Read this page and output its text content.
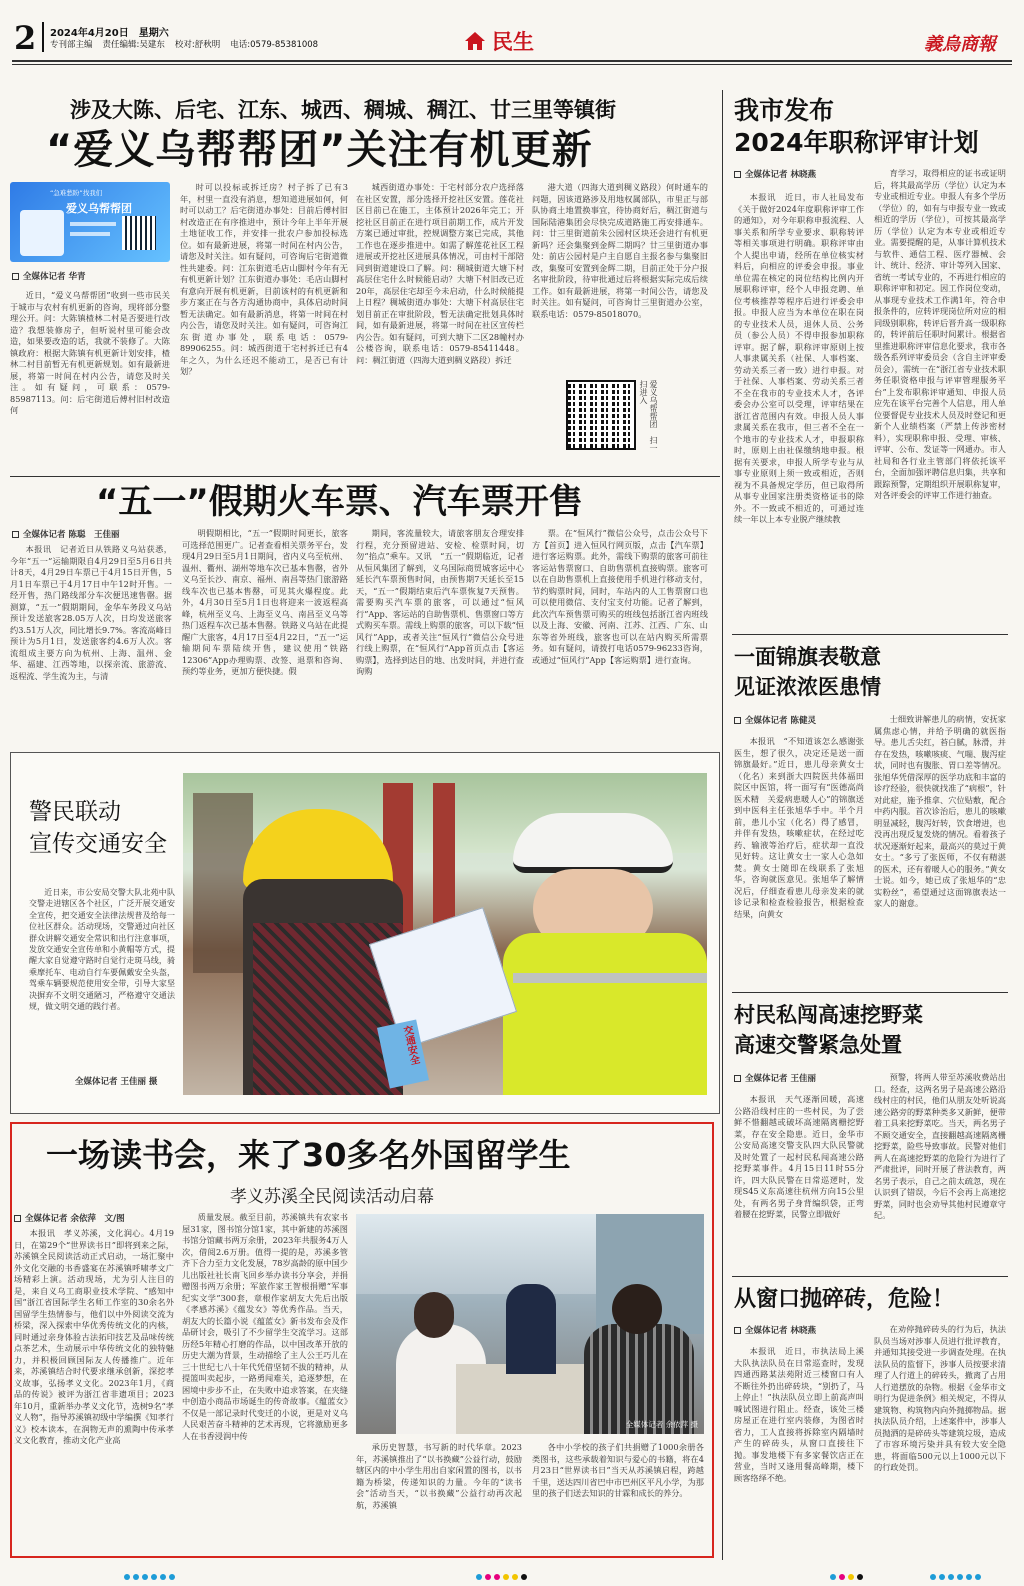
2 2024年4月20日　星期六
专刊部主编 责任编辑:吴建东 校对:舒秋明 电话:0579-85381008	民生	義烏商報
涉及大陈、后宅、江东、城西、稠城、稠江、廿三里等镇街
“爱义乌帮帮团”关注有机更新
“急难愁盼”找我们
爱义乌帮帮团
全媒体记者 华青
近日，“爱义乌帮帮团”收到一些市民关于城市与农村有机更新的咨询，现将部分整理公开。问：大陈镇楂林二村是否要进行改造？我想装修房子，但听说村里可能会改造，如果要改造的话，我就不装修了。大陈镇政府：根据大陈镇有机更新计划安排，楂林二村目前暂无有机更新规划。如有最新进展，将第一时间在村内公告，请您及时关注。如有疑问，可联系：0579-85987113。问：后宅街道后傅村旧村改造何
时可以投标或拆迁房？村子拆了已有3年，村里一直没有消息，想知道进展如何，何时可以动工？后宅街道办事处：目前后傅村旧村改造正在有序推进中，预计今年上半年开展土地征收工作，并安排一批农户参加投标选位。如有最新进展，将第一时间在村内公告，请您及时关注。如有疑问，可咨询后宅街道微性共建委。问：江东街道毛店山脚村今年有无有机更新计划？江东街道办事处：毛店山脚村有意向开展有机更新，目前该村的有机更新和步方案正在与各方沟通协商中，具体启动时间暂无法确定。如有最新消息，将第一时间在村内公告，请您及时关注。如有疑问，可咨询江东街道办事处，联系电话：0579-89906255。问：城西街道于宅村拆迁已有4年之久，为什么还迟不能动工，是否已有计划？
城西街道办事处：于宅村部分农户选择落在社区安置，部分选择开挖社区安置。莲花社区目前已在施工，主体预计2026年完工；开挖社区目前正在进行项目前期工作，成片开发方案已通过审批，控规调整方案已完成，其他工作也在逐步推进中。如需了解莲花社区工程进展或开挖社区进展具体情况，可由村干部陪同到街道建设口了解。问：稠城街道大塘下村高层住宅什么时候能启动？大塘下村旧改已近20年，高层住宅却至今未启动，什么时候能提上日程？稠城街道办事处：大塘下村高层住宅划目前正在审批阶段，暂无法确定批划具体时间，如有最新进展，将第一时间在社区宣传栏内公告。如有疑问，可到大塘下二区28幢村办公楼咨询，联系电话：0579-85411448。问：稠江街道（四海大道到稠义路段）拆迁
港大道（四海大道到稠义路段）何时通车的问题，因该道路涉及用地权属部队，市里正与部队协商土地置换事宜，待协商好后，稠江街道与国际陆港集团会尽快完成道路施工再安排通车。问：廿三里街道前朱公园村区块还会进行有机更新吗？还会集聚到金辉二期吗？廿三里街道办事处：前店公园村是户主自愿自主报名参与集聚旧改，集聚可安置到金辉二期，目前正处于分户报名审批阶段，待审批通过后将根据实际完成后续工作。如有最新进展，将第一时间公告，请您及时关注。如有疑问，可咨询廿三里街道办公室，联系电话：0579-85018070。
爱义乌帮帮团　扫一扫进入
“五一”假期火车票、汽车票开售
全媒体记者 陈聪　王佳丽
本报讯　记者近日从铁路义乌站获悉，今年“五一”运输期限自4月29日至5月6日共计8天，4月29日车票已于4月15日开售，5月1日车票已于4月17日中午12时开售。一经开售，热门路线部分车次便迅速售罄。据测算，“五一”假期期间，金华车务段义乌站预计发送旅客28.05万人次，日均发送旅客约3.51万人次，同比增长9.7%。客流高峰日预计为5月1日，发送旅客约4.6万人次。客流组成主要方向为杭州、上海、温州、金华、福建、江西等地，以探亲流、旅游流、返程流、学生流为主，与清
明假期相比，“五一”假期时间更长，旅客可选择范围更广。记者查看相关票务平台，发现4月29日至5月1日期间，省内义乌至杭州、温州、衢州、湖州等地车次已基本售罄，省外义乌至长沙、南京、福州、南昌等热门旅游路线车次也已基本售罄，可见其火爆程度。此外，4月30日至5月1日也将迎来一波返程高峰，杭州至义乌、上海至义乌、南昌至义乌等热门返程车次已基本售罄。铁路义乌站在此提醒广大旅客，4月17日至4月22日，“五一”运输期间车票陆续开售，建议使用“铁路12306”App办理购票、改签、退票和咨询、预约等业务，更加方便快捷。假
期间，客流量较大，请旅客朋友合理安排行程，充分预留进站、安检、检票时间，切勿“掐点”乘车。又讯　“五一”假期临近，记者从恒风集团了解到，义乌国际商贸城客运中心延长汽车票预售时间，由预售期7天延长至15天，“五一”假期结束后汽车票恢复7天预售。需要购买汽车票的旅客，可以通过“恒风行”App、客运站的自助售票机、售票窗口等方式购买车票。需线上购票的旅客，可以下载“恒风行”App，或者关注“恒风行”微信公众号进行线上购票，在“恒风行”App首页点击【客运购票】，选择到达目的地、出发时间，并进行查询购
票。在“恒风行”微信公众号，点击公众号下方【首页】进入恒风行网页版，点击【汽车票】进行客运购票。此外，需线下购票的旅客可前往客运站售票窗口、自助售票机直接购票。旅客可以在自助售票机上直接使用手机进行移动支付，节约购票时间，同时，车站内的人工售票窗口也可以使用微信、支付宝支付功能。记者了解到，此次汽车预售票可购买的班线包括浙江省内班线以及上海、安徽、河南、江苏、江西、广东、山东等省外班线，旅客也可以在站内购买所需票务。如有疑问，请拨打电话0579-96233咨询，或通过“恒风行”App【客运购票】进行查询。
警民联动
宣传交通安全
近日来，市公安局交警大队北苑中队交警走进辖区各个社区，广泛开展交通安全宣传，把交通安全法律法规普及给每一位社区群众。活动现场，交警通过向社区群众讲解交通安全常识和出行注意事项，发放交通安全宣传单和小黄帽等方式，提醒大家自觉遵守路时自觉行走斑马线，骑乘摩托车、电动自行车要佩戴安全头盔，驾乘车辆要规范使用安全带，引导大家坚决摒弃不文明交通陋习，严格遵守交通法规，做文明交通的践行者。
全媒体记者 王佳丽 摄
交通安全
一场读书会，来了30多名外国留学生
孝义苏溪全民阅读活动启幕
全媒体记者 余依萍　文/图
本报讯　孝义苏溪，文化润心。4月19日，在第29个“世界读书日”即将到来之际，苏溪镇全民阅读活动正式启动，一场汇聚中外文化交融的书香盛宴在苏溪镇呼啸孝文广场精彩上演。活动现场，尤为引人注目的是，来自义乌工商职业技术学院、“感知中国”浙江省国际学生名师工作室的30余名外国留学生热情参与，他们以中外阅读交流为桥梁，深入探索中华优秀传统文化的内核，同时通过亲身体验古法拓印技艺及品味传统点茶艺术，生动展示中华传统文化的独特魅力，并积极回顾国际友人传播推广。近年来，苏溪镇结合时代要求继承创新，深挖孝义故事，弘扬孝义文化。2023年1月，《商品的传说》被评为浙江省非遗项目；2023年10月，重新举办孝义文化节，选树9名“孝义人物”，指导苏溪镇初级中学编撰《知孝行义》校本读本，在润物无声的熏陶中传承孝义文化教育，推动文化产业高
质量发展。截至目前，苏溪镇共有农家书屋31家，图书馆分馆1家，其中新建的苏溪图书馆分馆藏书两万余册，2023年共服务4万人次，借阅2.6万册。值得一提的是，苏溪多管齐下合力至力文化发展，78岁高龄的原中国少儿出版社社长南飞回乡举办读书分享会，并捐赠图书两万余册；军旅作家王智根捐赠“军事纪实文学”300套，章根作家胡友大先后出版《孝感苏溪》《蕴发女》等优秀作品。当天，胡友大的长篇小说《蕴蓝女》新书发布会及作品研讨会，吸引了不少留学生交流学习。这部历经5年精心打磨的作品，以中国改革开放的历史大潮为背景，生动描绘了主人公王巧儿在三十世纪七八十年代凭借坚韧不拔的精神，从提篮叫卖起步，一路勇闯难关，追逐梦想，在困境中步步不止，在失败中追求答案，在夹缝中创造小商品市场诞生的传奇故事。《蕴蓝女》不仅是一部记录时代变迁的小说，更是对义乌人民艰苦奋斗精神的艺术再现，它将激励更多人在书香浸润中传
全媒体记者 余依萍 摄
承历史智慧，书写新的时代华章。2023年，苏溪镇推出了“以书换藏”公益行动，鼓励辖区内的中小学生用出自家闲置的图书，以书籍为桥梁，传递知识的力量。今年的“读书会”活动当天，“以书换藏”公益行动再次起航，苏溪镇
各中小学校的孩子们共捐赠了1000余册各类图书，这些承载着知识与爱心的书籍，将在4月23日“世界读书日”当天从苏溪镇启程，跨越千里，送达四川省巴中市巴州区平凡小学，为那里的孩子们送去知识的甘霖和成长的养分。
我市发布
2024年职称评审计划
全媒体记者 林晓燕
本报讯　近日，市人社局发布《关于做好2024年度职称评审工作的通知》，对今年职称申报流程、人事关系和所学专业要求、职称转评等相关事项进行明确。职称评审由个人提出申请，经所在单位核实材料后，向相应的评委会申报。事业单位需在核定的岗位结构比例内开展职称评审，经个人申报竞聘、单位考核推荐等程序后进行评委会申报。申报人应当为本单位在职在岗的专业技术人员，退休人员、公务员（参公人员）不得申报参加职称评审。据了解，职称评审原则上按人事隶属关系（社保、人事档案、劳动关系三者一致）进行申报。对于社保、人事档案、劳动关系三者不全在我市的专业技术人才，各评委会办公室可以受理，评审结果在浙江省范围内有效。申报人员人事隶属关系在我市，但三者不全在一个地市的专业技术人才，申报职称时，原则上由社保缴纳地申报。根据有关要求，申报人所学专业与从事专业原则上须一致或相近，否则视为不具备规定学历，但已取得所从事专业国家注册类资格证书的除外。不一致或不相近的，可通过连续一年以上本专业脱产继续教
育学习，取得相应的证书或证明后，将其最高学历（学位）认定为本专业或相近专业。申报人有多个学历（学位）的，如有与申报专业一致或相近的学历（学位），可按其最高学历（学位）认定为本专业或相近专业。需要提醒的是，从事计算机技术与软件、通信工程、医疗器械、会计、统计、经济、审计等列入国家、省统一考试专业的，不再进行相应的职称评审和初定。因工作岗位变动，从事现专业技术工作满1年，符合申报条件的，应转评现岗位所对应的相同级别职称，转评后晋升高一级职称的，转评前后任职时间累计。根据省里推进职称评审信息化要求，我市各级各系列评审委员会（含自主评审委员会），需统一在“浙江省专业技术职务任职资格申报与评审管理服务平台”上发布职称评审通知、申报人员应先在该平台完善个人信息，用人单位要督促专业技术人员及时登记和更新个人业绩档案（严禁上传涉密材料），实现职称申报、受理、审核、评审、公布、发证等一网通办。市人社局和各行业主管部门将依托该平台，全面加强评聘信息归集，共享和跟踪预警，定期组织开展职称复审，对各评委会的评审工作进行抽查。
一面锦旗表敬意
见证浓浓医患情
全媒体记者 陈健灵
本报讯　“不知道该怎么感谢张医生，想了很久，决定还是送一面锦旗最好。”近日，患儿母亲黄女士（化名）来到浙大四院医共体福田院区中医馆，将一面写有“医德高尚医术精　关爱病患暖人心”的锦旗送到中医科主任张旭华手中。半个月前，患儿小宝（化名）得了感冒，并伴有发热，咳嗽症状，在经过吃药、输液等治疗后，症状却一直没见好转。这让黄女士一家人心急如焚。黄女士随即在线联系了张旭华，咨询就医意见。张旭华了解情况后，仔细查看患儿母亲发来的就诊记录和检查检验报告，根据检查结果，向黄女
士细致讲解患儿的病情，安抚家属焦虑心情，并给予明确的就医指导。患儿舌尖红，苔白腻，脉滑，并存在发热，咳嗽咳痰、气喘、腹泻症状，同时也有腹胀、胃口差等情况。张旭华凭借深厚的医学功底和丰富的诊疗经验，很快就找准了“病根”，针对此症，施予推拿、穴位贴敷，配合中药内服。首次诊治后，患儿的咳嗽明显减轻，腹泻好转，饮食增进，也没再出现反复发烧的情况。看着孩子状况逐渐好起来，最高兴的莫过于黄女士。“多亏了张医师，不仅有精湛的医术，还有着暖人心的服务。”黄女士说。如今，她已成了张旭华的“忠实粉丝”，希望通过这面锦旗表达一家人的谢意。
村民私闯高速挖野菜
高速交警紧急处置
全媒体记者 王佳丽
本报讯　天气逐渐回暖，高速公路沿线村庄的一些村民，为了尝鲜不惜翻越或破坏高速隔离栅挖野菜，存在安全隐患。近日，金华市公安局高速交警支队四大队民警就及时处置了一起村民私闯高速公路挖野菜事件。4月15日11时55分许，四大队民警在日常巡逻时，发现S45义东高速往杭州方向15公里处，有两名男子身背编织袋，正弯着腰在挖野菜，民警立即做好
预警，将两人带至苏溪收费站出口。经查，这两名男子是高速公路沿线村庄的村民，他们从朋友处听说高速公路旁的野菜种类多又新鲜，便带着工具来挖野菜吃。当天，两名男子不顾交通安全，直接翻越高速隔离栅挖野菜，险些导致事故。民警对他们两人在高速挖野菜的危险行为进行了严肃批评，同时开展了普法教育，两名男子表示，自己之前太疏忽，现在认识到了错误，今后不会再上高速挖野菜，同时也会劝导其他村民遵章守纪。
从窗口抛碎砖，危险！
全媒体记者 林晓燕
本报讯　近日，市执法局上溪大队执法队员在日常巡查时，发现四通西路某法苑附近三楼窗口有人不断往外扔出碎砖块，“别扔了，马上停止！”执法队员立即上前高声叫喊试图进行阻止。经查，该处三楼房屋正在进行室内装修，为图省时省力，工人直接将拆除室内隔墙时产生的碎砖头，从窗口直接往下抛。事发地楼下有多家餐饮店正在营业，当时又逢用餐高峰期，楼下顾客络绎不绝。
在劝停抛碎砖头的行为后，执法队员当场对涉事人员进行批评教育，并通知其接受进一步调查处理。在执法队员的监督下，涉事人员按要求清理了人行道上的碎砖头，撤离了占用人行道摆放的杂物。根据《金华市文明行为促进条例》相关规定，不得从建筑物、构筑物内向外抛掷物品。据执法队员介绍，上述案件中，涉事人员抛洒的是碎砖头等建筑垃圾，造成了市容环境污染并具有较大安全隐患，将面临500元以上1000元以下的行政处罚。
